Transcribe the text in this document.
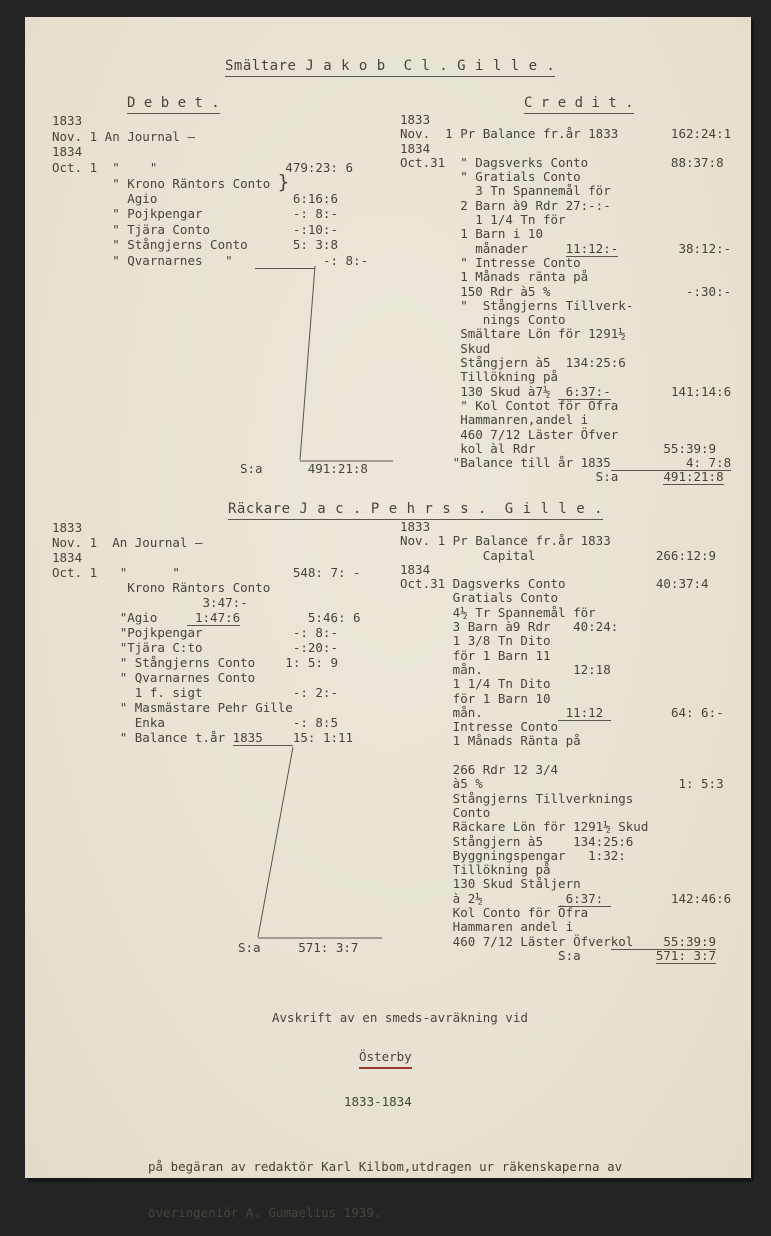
Smältare J a k o b  C l . G i l l e .
D e b e t .	C r e d i t .
1833
Nov. 1 An Journal –
1834
Oct. 1  "    "                 479:23: 6
" Krono Räntors Conto }
Agio                  6:16:6
" Pojkpengar            -: 8:-
" Tjära Conto           -:10:-
" Stångjerns Conto      5: 3:8
" Qvarnarnes   "	-: 8:-
S:a      491:21:8
1833
Nov.  1 Pr Balance fr.år 1833       162:24:1
1834
Oct.31  " Dagsverks Conto           88:37:8
" Gratials Conto
3 Tn Spannemål för
2 Barn à9 Rdr 27:-:-
1 1/4 Tn för
1 Barn i 10
månader     11:12:-        38:12:-
" Intresse Conto
1 Månads ränta på
150 Rdr à5 %                  -:30:-
"  Stångjerns Tillverk-
nings Conto
Smältare Lön för 1291½
Skud
Stångjern à5  134:25:6
Tillökning på
130 Skud à7½  6:37:-        141:14:6
" Kol Contot för Öfra
Hammanren,andel i
460 7/12 Läster Öfver
kol àl Rdr                 55:39:9
"Balance till år 1835          4: 7:8
S:a      491:21:8
Räckare J a c . P e h r s s .  G i l l e .
1833
Nov. 1  An Journal –
1834
Oct. 1   "      "               548: 7: -
Krono Räntors Conto
3:47:-
"Agio     1:47:6         5:46: 6
"Pojkpengar            -: 8:-
"Tjära C:to            -:20:-
" Stångjerns Conto    1: 5: 9
" Qvarnarnes Conto
1 f. sigt            -: 2:-
" Masmästare Pehr Gille
Enka                 -: 8:5
" Balance t.år 1835    15: 1:11
S:a     571: 3:7
1833
Nov. 1 Pr Balance fr.år 1833
Capital                266:12:9
1834
Oct.31 Dagsverks Conto            40:37:4
Gratials Conto
4½ Tr Spannemål för
3 Barn à9 Rdr   40:24:
1 3/8 Tn Dito
för 1 Barn 11
mån.            12:18
1 1/4 Tn Dito
för 1 Barn 10
mån.           11:12         64: 6:-
Intresse Conto
1 Månads Ränta på
266 Rdr 12 3/4
à5 %                          1: 5:3
Stångjerns Tillverknings
Conto
Räckare Lön för 1291½ Skud
Stångjern à5    134:25:6
Byggningspengar   1:32:
Tillökning på
130 Skud Ståljern
à 2½           6:37:         142:46:6
Kol Conto för Öfra
Hammaren andel i
460 7/12 Läster Öfverkol    55:39:9
S:a          571: 3:7
Avskrift av en smeds-avräkning vid
Österby
1833-1834

på begäran av redaktör Karl Kilbom,utdragen ur räkenskaperna av

överingeniör A. Gumaelius 1939.
